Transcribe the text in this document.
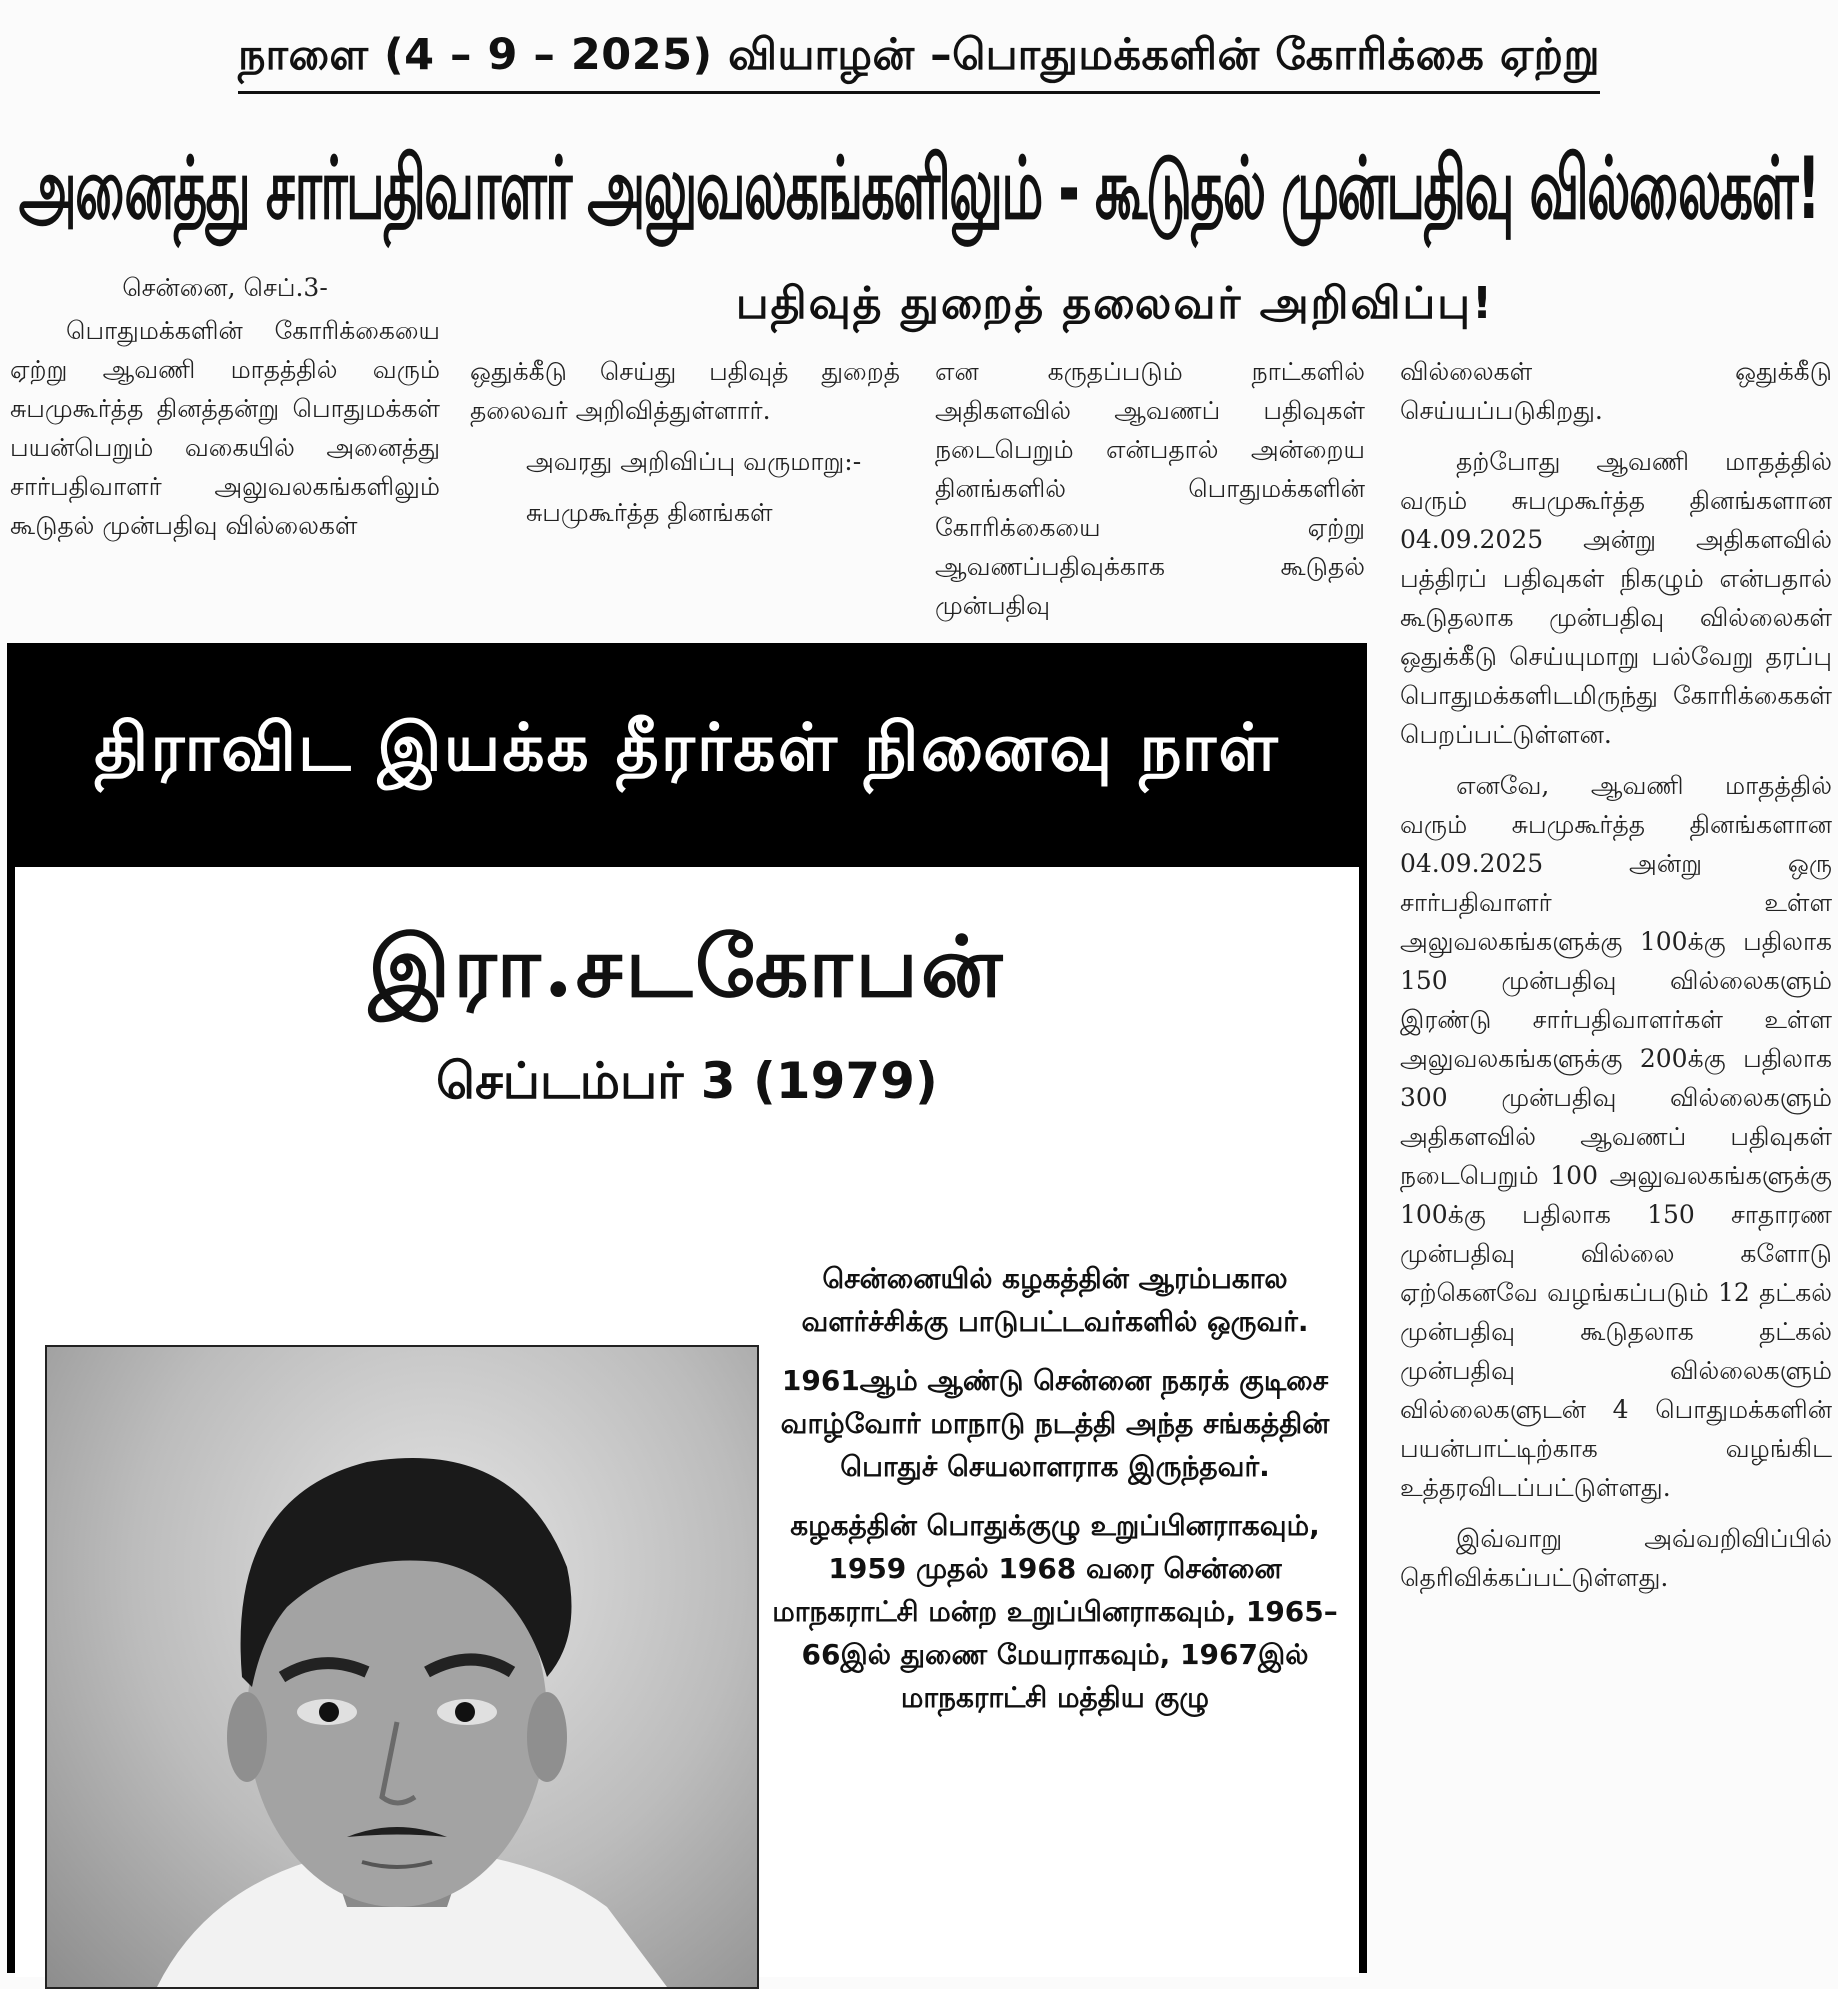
நாளை (4 – 9 – 2025) வியாழன் –பொதுமக்களின் கோரிக்கை ஏற்று
அனைத்து சார்பதிவாளர் அலுவலகங்களிலும் - கூடுதல் முன்பதிவு வில்லைகள்!
பதிவுத் துறைத் தலைவர் அறிவிப்பு!

சென்னை, செப்.3-

பொதுமக்களின் கோரிக்கையை ஏற்று ஆவணி மாதத்தில் வரும் சுபமுகூர்த்த தினத்தன்று பொதுமக்கள் பயன்பெறும் வகையில் அனைத்து சார்பதிவாளர் அலுவலகங்களிலும் கூடுதல் முன்பதிவு வில்லைகள்

ஒதுக்கீடு செய்து பதிவுத் துறைத் தலைவர் அறிவித்துள்ளார்.

அவரது அறிவிப்பு வருமாறு:-

சுபமுகூர்த்த தினங்கள்

என கருதப்படும் நாட்களில் அதிகளவில் ஆவணப் பதிவுகள் நடைபெறும் என்பதால் அன்றைய தினங்களில் பொதுமக்களின் கோரிக்கையை ஏற்று ஆவணப்பதிவுக்காக கூடுதல் முன்பதிவு

வில்லைகள் ஒதுக்கீடு செய்யப்படுகிறது.

தற்போது ஆவணி மாதத்தில் வரும் சுபமுகூர்த்த தினங்களான 04.09.2025 அன்று அதிகளவில் பத்திரப் பதிவுகள் நிகழும் என்பதால் கூடுதலாக முன்பதிவு வில்லைகள் ஒதுக்கீடு செய்யுமாறு பல்வேறு தரப்பு பொதுமக்களிடமிருந்து கோரிக்கைகள் பெறப்பட்டுள்ளன.

எனவே, ஆவணி மாதத்தில் வரும் சுபமுகூர்த்த தினங்களான 04.09.2025 அன்று ஒரு சார்பதிவாளர் உள்ள அலுவலகங்களுக்கு 100க்கு பதிலாக 150 முன்பதிவு வில்லைகளும் இரண்டு சார்பதிவாளர்கள் உள்ள அலுவலகங்களுக்கு 200க்கு பதிலாக 300 முன்பதிவு வில்லைகளும் அதிகளவில் ஆவணப் பதிவுகள் நடைபெறும் 100 அலுவலகங்களுக்கு 100க்கு பதிலாக 150 சாதாரண முன்பதிவு வில்லை களோடு ஏற்கெனவே வழங்கப்படும் 12 தட்கல் முன்பதிவு கூடுதலாக தட்கல் முன்பதிவு வில்லைகளும் வில்லைகளுடன் 4 பொதுமக்களின் பயன்பாட்டிற்காக வழங்கிட உத்தரவிடப்பட்டுள்ளது.

இவ்வாறு அவ்வறிவிப்பில் தெரிவிக்கப்பட்டுள்ளது.

திராவிட இயக்க தீரர்கள் நினைவு நாள்
இரா.சடகோபன்
செப்டம்பர் 3 (1979)

சென்னையில் கழகத்தின் ஆரம்பகால வளர்ச்சிக்கு பாடுபட்டவர்களில் ஒருவர்.

1961ஆம் ஆண்டு சென்னை நகரக் குடிசை வாழ்வோர் மாநாடு நடத்தி அந்த சங்கத்தின் பொதுச் செயலாளராக இருந்தவர்.

கழகத்தின் பொதுக்குழு உறுப்பினராகவும், 1959 முதல் 1968 வரை சென்னை மாநகராட்சி மன்ற உறுப்பினராகவும், 1965–66இல் துணை மேயராகவும், 1967இல் மாநகராட்சி மத்திய குழு
